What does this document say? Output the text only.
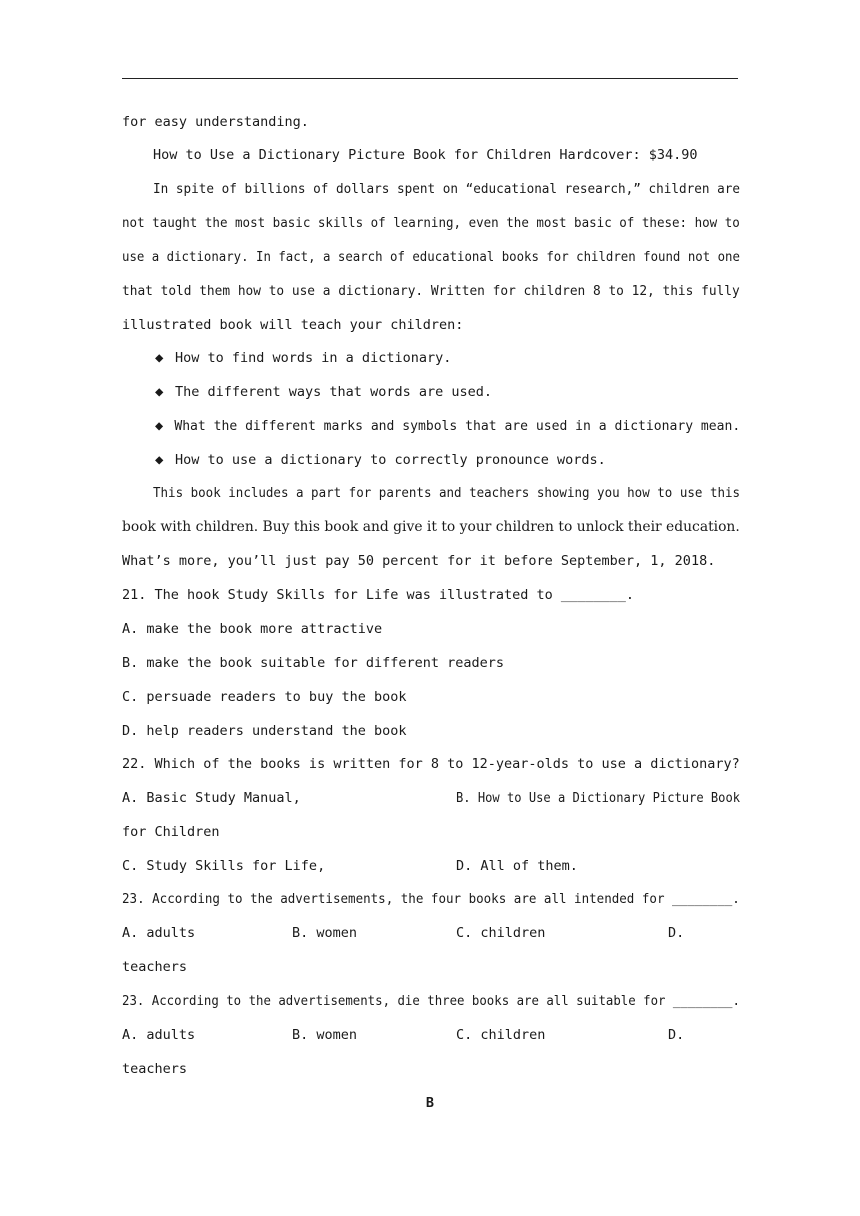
for easy understanding.
How to Use a Dictionary Picture Book for Children Hardcover: $34.90
In spite of billions of dollars spent on “educational research,” children are
not taught the most basic skills of learning, even the most basic of these: how to
use a dictionary. In fact, a search of educational books for children found not one
that told them how to use a dictionary. Written for children 8 to 12, this fully
illustrated book will teach your children:
◆ How to find words in a dictionary.
◆ The different ways that words are used.
◆ What the different marks and symbols that are used in a dictionary mean.
◆ How to use a dictionary to correctly pronounce words.
This book includes a part for parents and teachers showing you how to use this
book with children. Buy this book and give it to your children to unlock their education.
What’s more, you’ll just pay 50 percent for it before September, 1, 2018.
21. The hook Study Skills for Life was illustrated to ________.
A. make the book more attractive
B. make the book suitable for different readers
C. persuade readers to buy the book
D. help readers understand the book
22. Which of the books is written for 8 to 12-year-olds to use a dictionary?
A. Basic Study Manual,	B. How to Use a Dictionary Picture Book
for Children
C. Study Skills for Life,	D. All of them.
23. According to the advertisements, the four books are all intended for ________.
A. adults	B. women	C. children	D.
teachers
23. According to the advertisements, die three books are all suitable for ________.
A. adults	B. women	C. children	D.
teachers
B
